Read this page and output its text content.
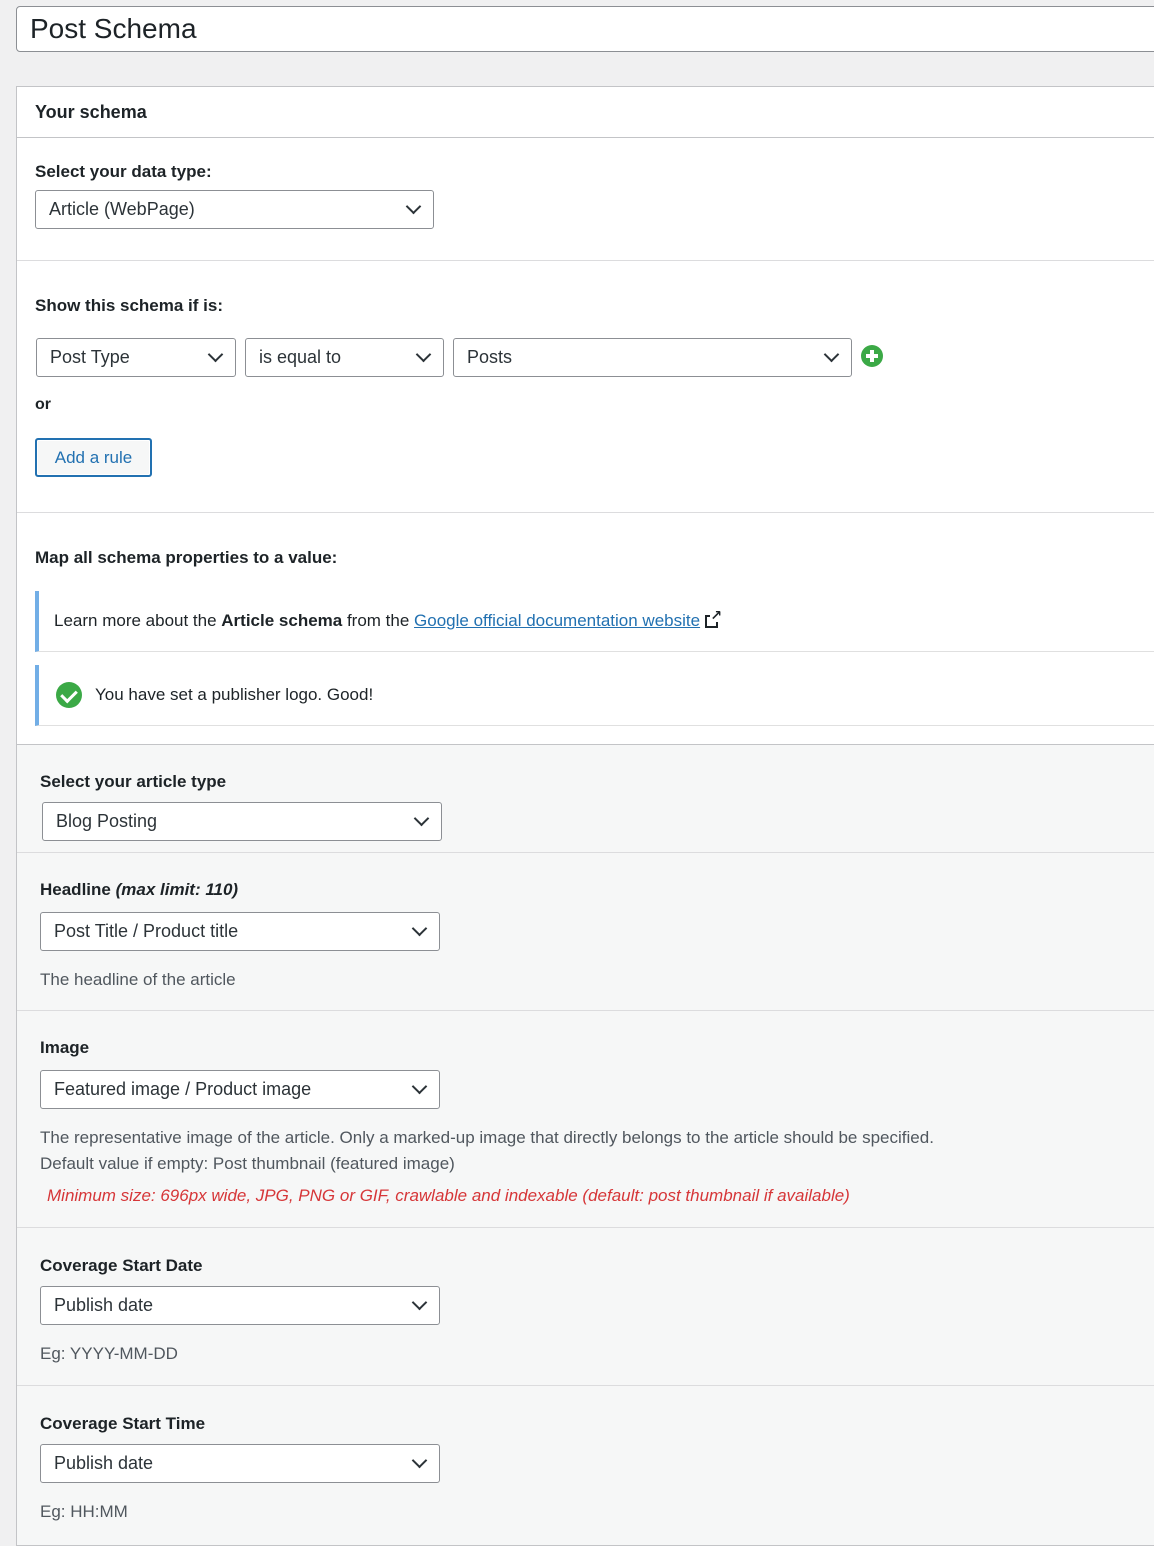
Post Schema
Your schema
Select your data type:
Article (WebPage)
Show this schema if is:
Post Type	is equal to	Posts
or
Add a rule
Map all schema properties to a value:
Learn more about the Article schema from the Google official documentation website↗
You have set a publisher logo. Good!
Select your article type
Blog Posting
Headline (max limit: 110)
Post Title / Product title
The headline of the article
Image
Featured image / Product image
The representative image of the article. Only a marked-up image that directly belongs to the article should be specified.
Default value if empty: Post thumbnail (featured image)
Minimum size: 696px wide, JPG, PNG or GIF, crawlable and indexable (default: post thumbnail if available)
Coverage Start Date
Publish date
Eg: YYYY-MM-DD
Coverage Start Time
Publish date
Eg: HH:MM
